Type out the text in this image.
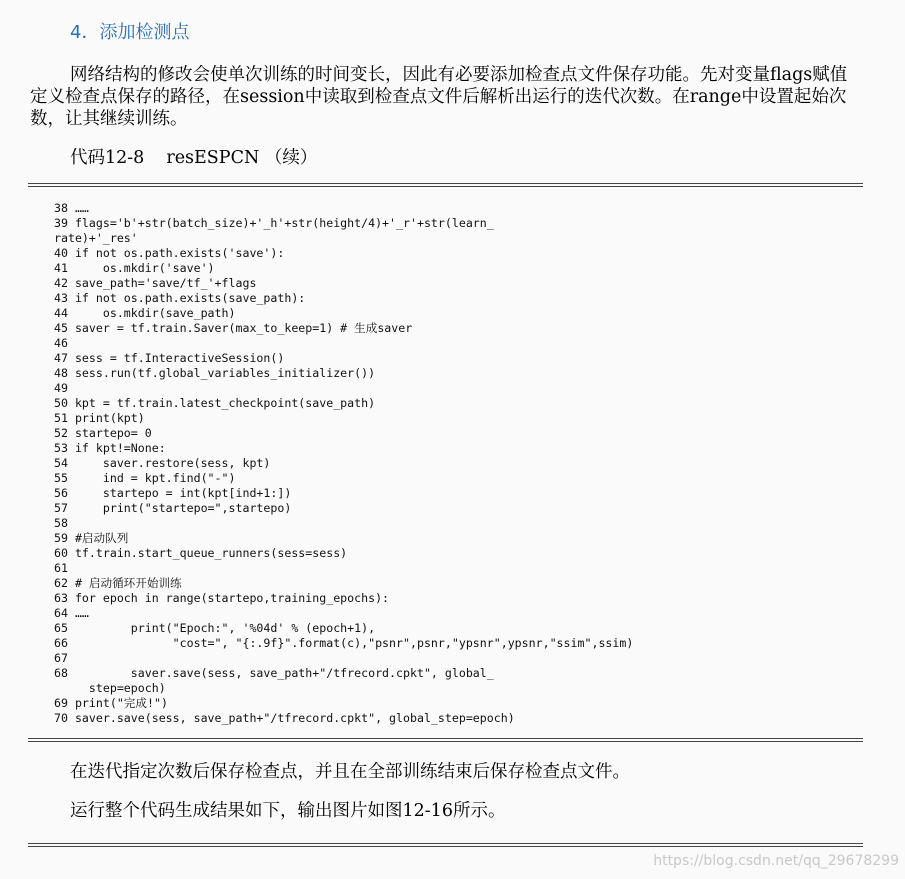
4．添加检测点
网络结构的修改会使单次训练的时间变长，因此有必要添加检查点文件保存功能。先对变量flags赋值定义检查点保存的路径，在session中读取到检查点文件后解析出运行的迭代次数。在range中设置起始次数，让其继续训练。
代码12-8 resESPCN （续）
38 ……
39 flags='b'+str(batch_size)+'_h'+str(height/4)+'_r'+str(learn_
rate)+'_res'
40 if not os.path.exists('save'):
41     os.mkdir('save')
42 save_path='save/tf_'+flags
43 if not os.path.exists(save_path):
44     os.mkdir(save_path)
45 saver = tf.train.Saver(max_to_keep=1) # 生成saver
46
47 sess = tf.InteractiveSession()
48 sess.run(tf.global_variables_initializer())
49
50 kpt = tf.train.latest_checkpoint(save_path)
51 print(kpt)
52 startepo= 0
53 if kpt!=None:
54     saver.restore(sess, kpt)
55     ind = kpt.find("-")
56     startepo = int(kpt[ind+1:])
57     print("startepo=",startepo)
58
59 #启动队列
60 tf.train.start_queue_runners(sess=sess)
61
62 # 启动循环开始训练
63 for epoch in range(startepo,training_epochs):
64 ……
65         print("Epoch:", '%04d' % (epoch+1),
66               "cost=", "{:.9f}".format(c),"psnr",psnr,"ypsnr",ypsnr,"ssim",ssim)
67
68         saver.save(sess, save_path+"/tfrecord.cpkt", global_
step=epoch)
69 print("完成!")
70 saver.save(sess, save_path+"/tfrecord.cpkt", global_step=epoch)
在迭代指定次数后保存检查点，并且在全部训练结束后保存检查点文件。
运行整个代码生成结果如下，输出图片如图12-16所示。
https://blog.csdn.net/qq_29678299
